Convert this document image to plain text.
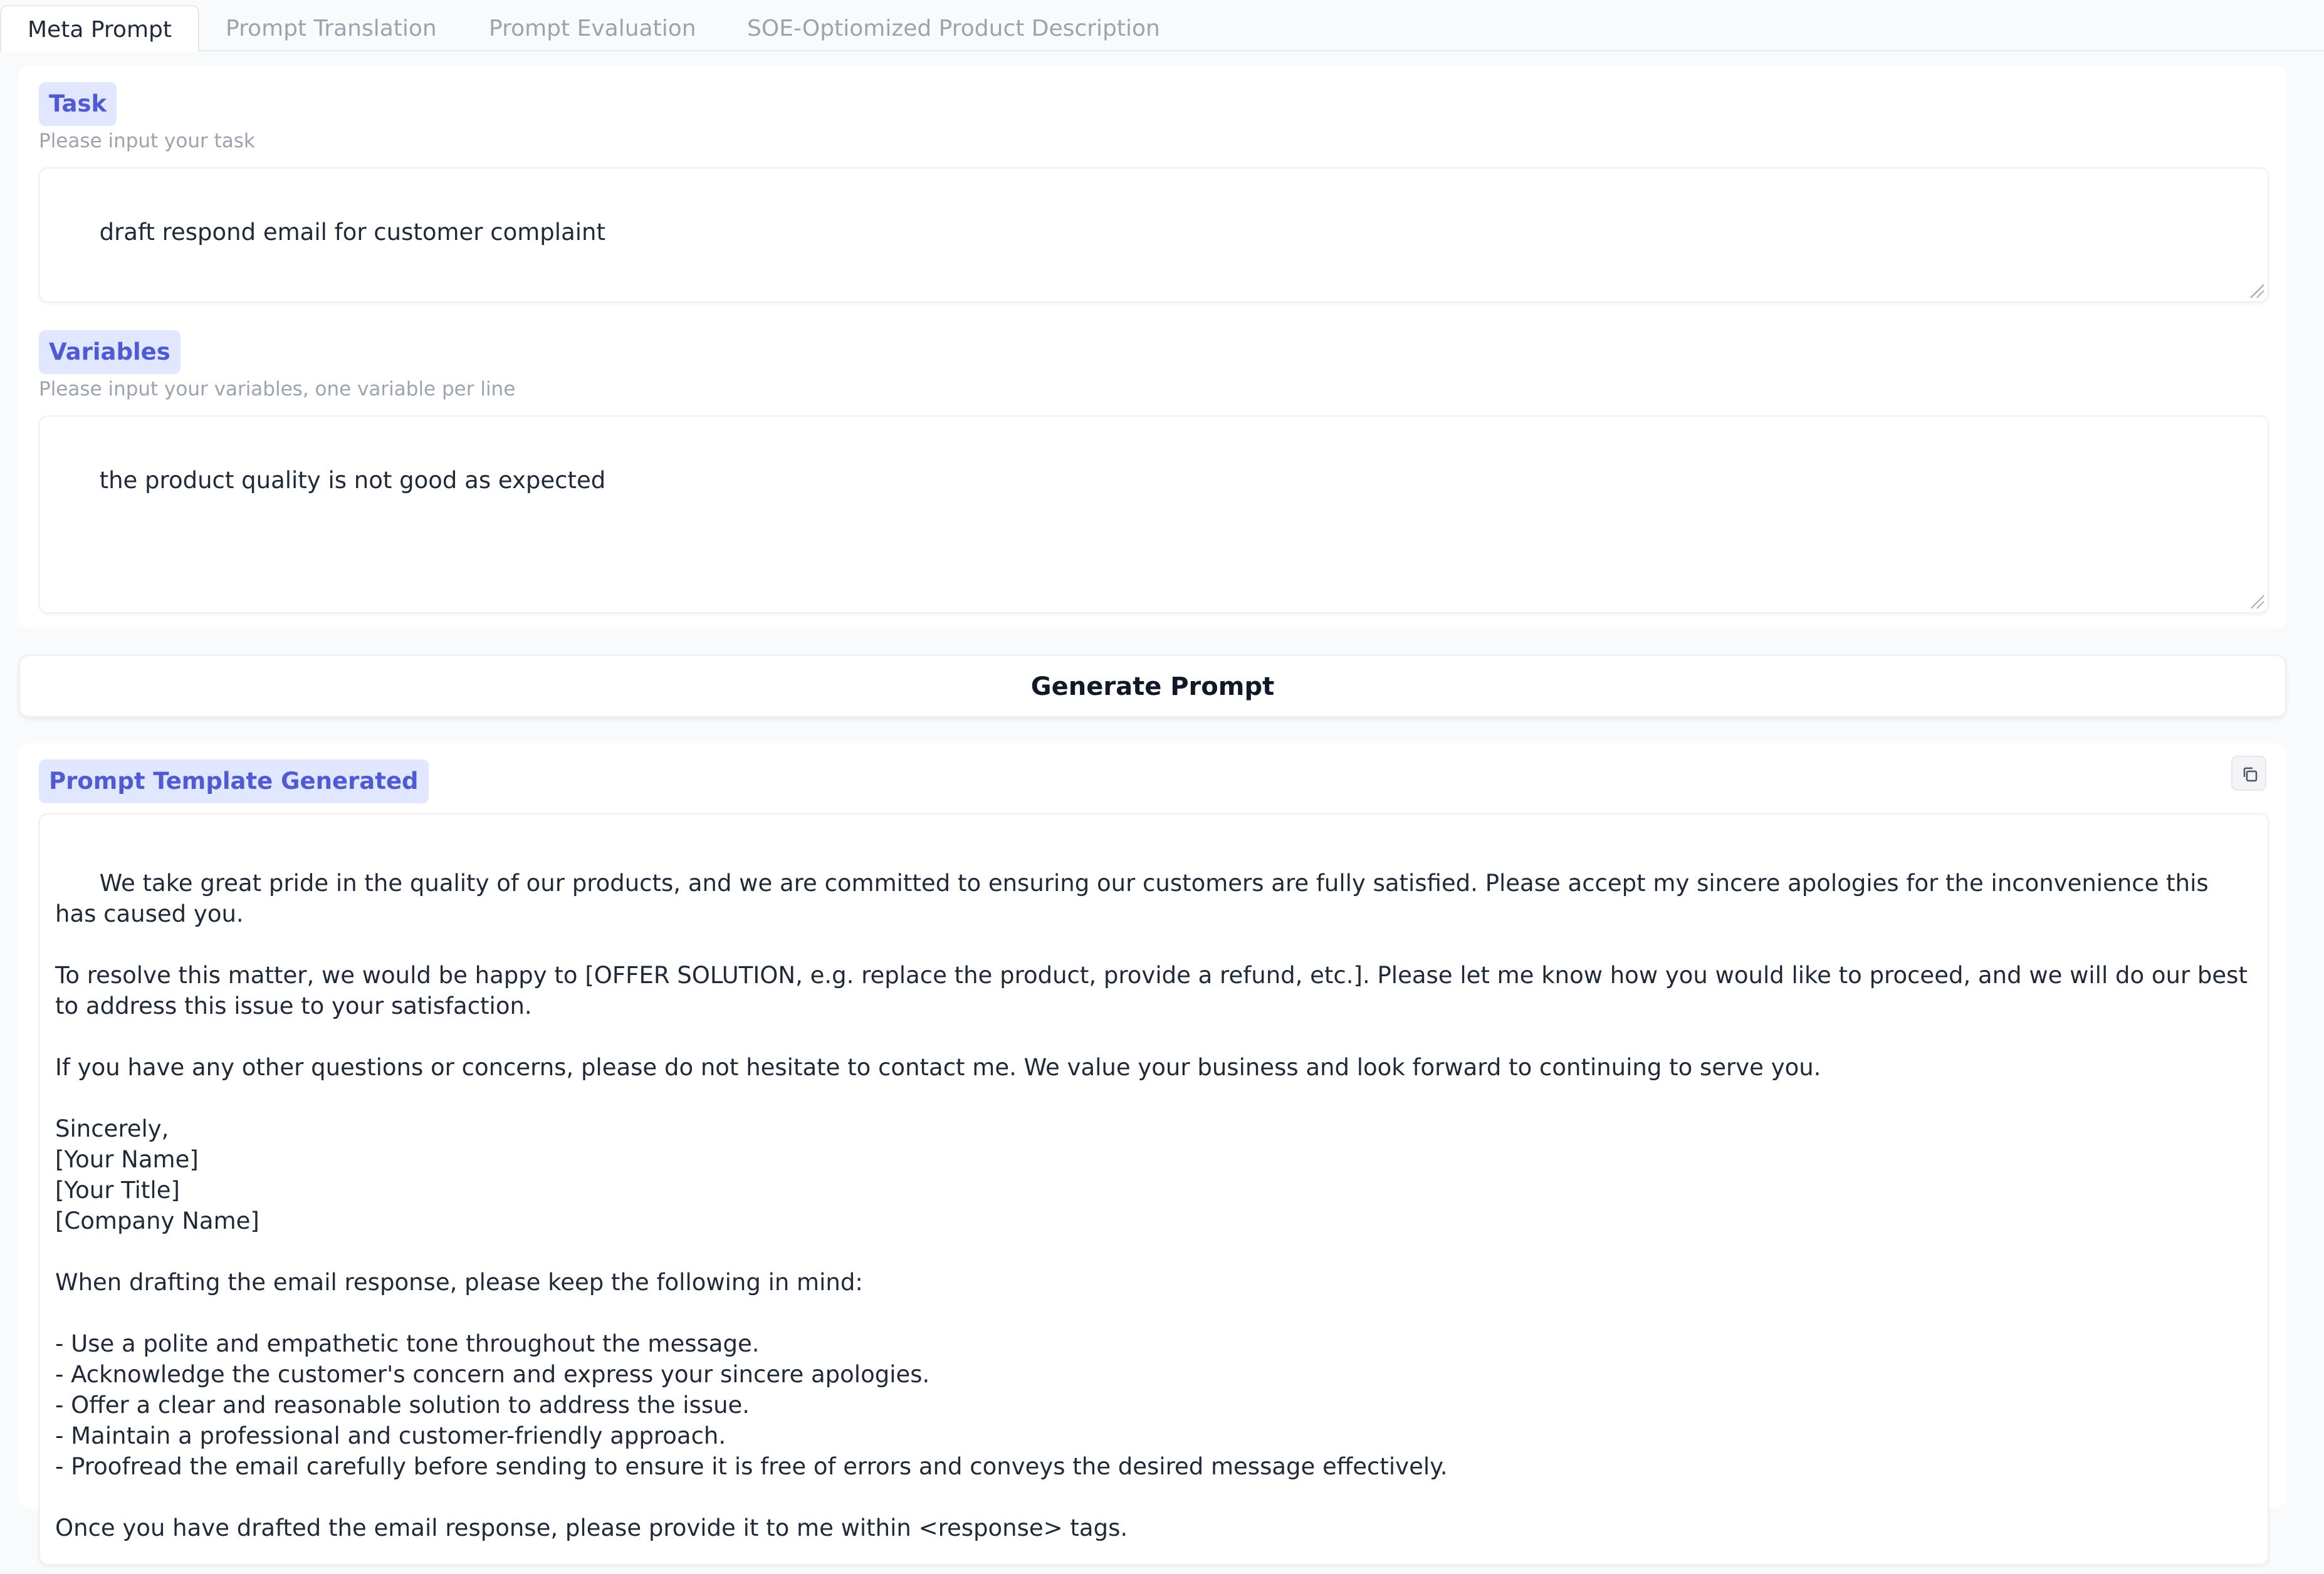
Meta Prompt	Prompt Translation	Prompt Evaluation	SOE-Optiomized Product Description
Task
Please input your task

draft respond email for customer complaint

Variables
Please input your variables, one variable per line

the product quality is not good as expected

Generate Prompt
Prompt Template Generated

We take great pride in the quality of our products, and we are committed to ensuring our customers are fully satisfied. Please accept my sincere apologies for the inconvenience this has caused you.

To resolve this matter, we would be happy to [OFFER SOLUTION, e.g. replace the product, provide a refund, etc.]. Please let me know how you would like to proceed, and we will do our best to address this issue to your satisfaction.

If you have any other questions or concerns, please do not hesitate to contact me. We value your business and look forward to continuing to serve you.

Sincerely,
[Your Name]
[Your Title]
[Company Name]

When drafting the email response, please keep the following in mind:

- Use a polite and empathetic tone throughout the message.
- Acknowledge the customer's concern and express your sincere apologies.
- Offer a clear and reasonable solution to address the issue.
- Maintain a professional and customer-friendly approach.
- Proofread the email carefully before sending to ensure it is free of errors and conveys the desired message effectively.

Once you have drafted the email response, please provide it to me within <response> tags.
